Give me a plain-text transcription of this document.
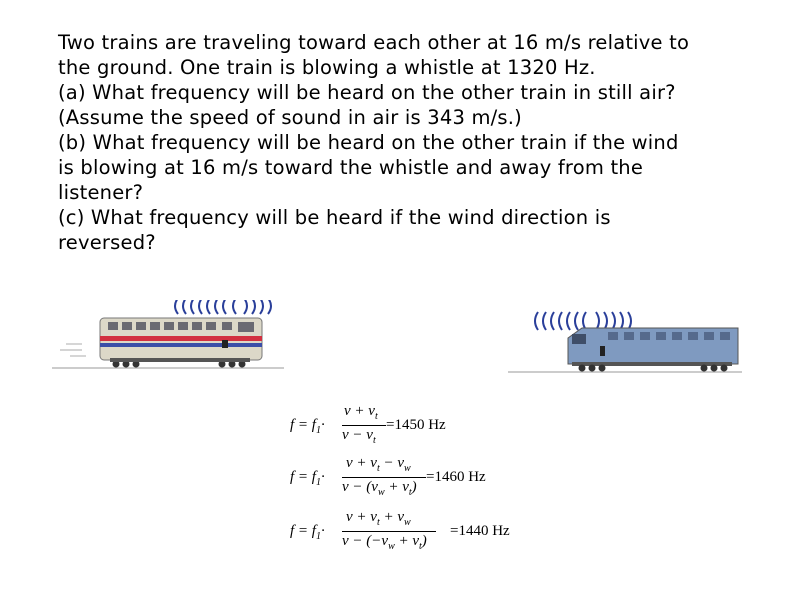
Two trains are traveling toward each other at 16 m/s relative to

the ground. One train is blowing a whistle at 1320 Hz.

(a) What frequency will be heard on the other train in still air?

(Assume the speed of sound in air is 343 m/s.)

(b) What frequency will be heard on the other train if the wind

is blowing at 16 m/s toward the whistle and away from the

listener?

(c) What frequency will be heard if the wind direction is

reversed?

$f = f_1\cdot$
$v + v_t$
$v - v_t$
=1450 Hz
$f = f_1\cdot$
$v + v_t - v_w$
$v - (v_w + v_t)$
=1460 Hz
$f = f_1\cdot$
$v + v_t + v_w$
$v - (-v_w + v_t)$
=1440 Hz
